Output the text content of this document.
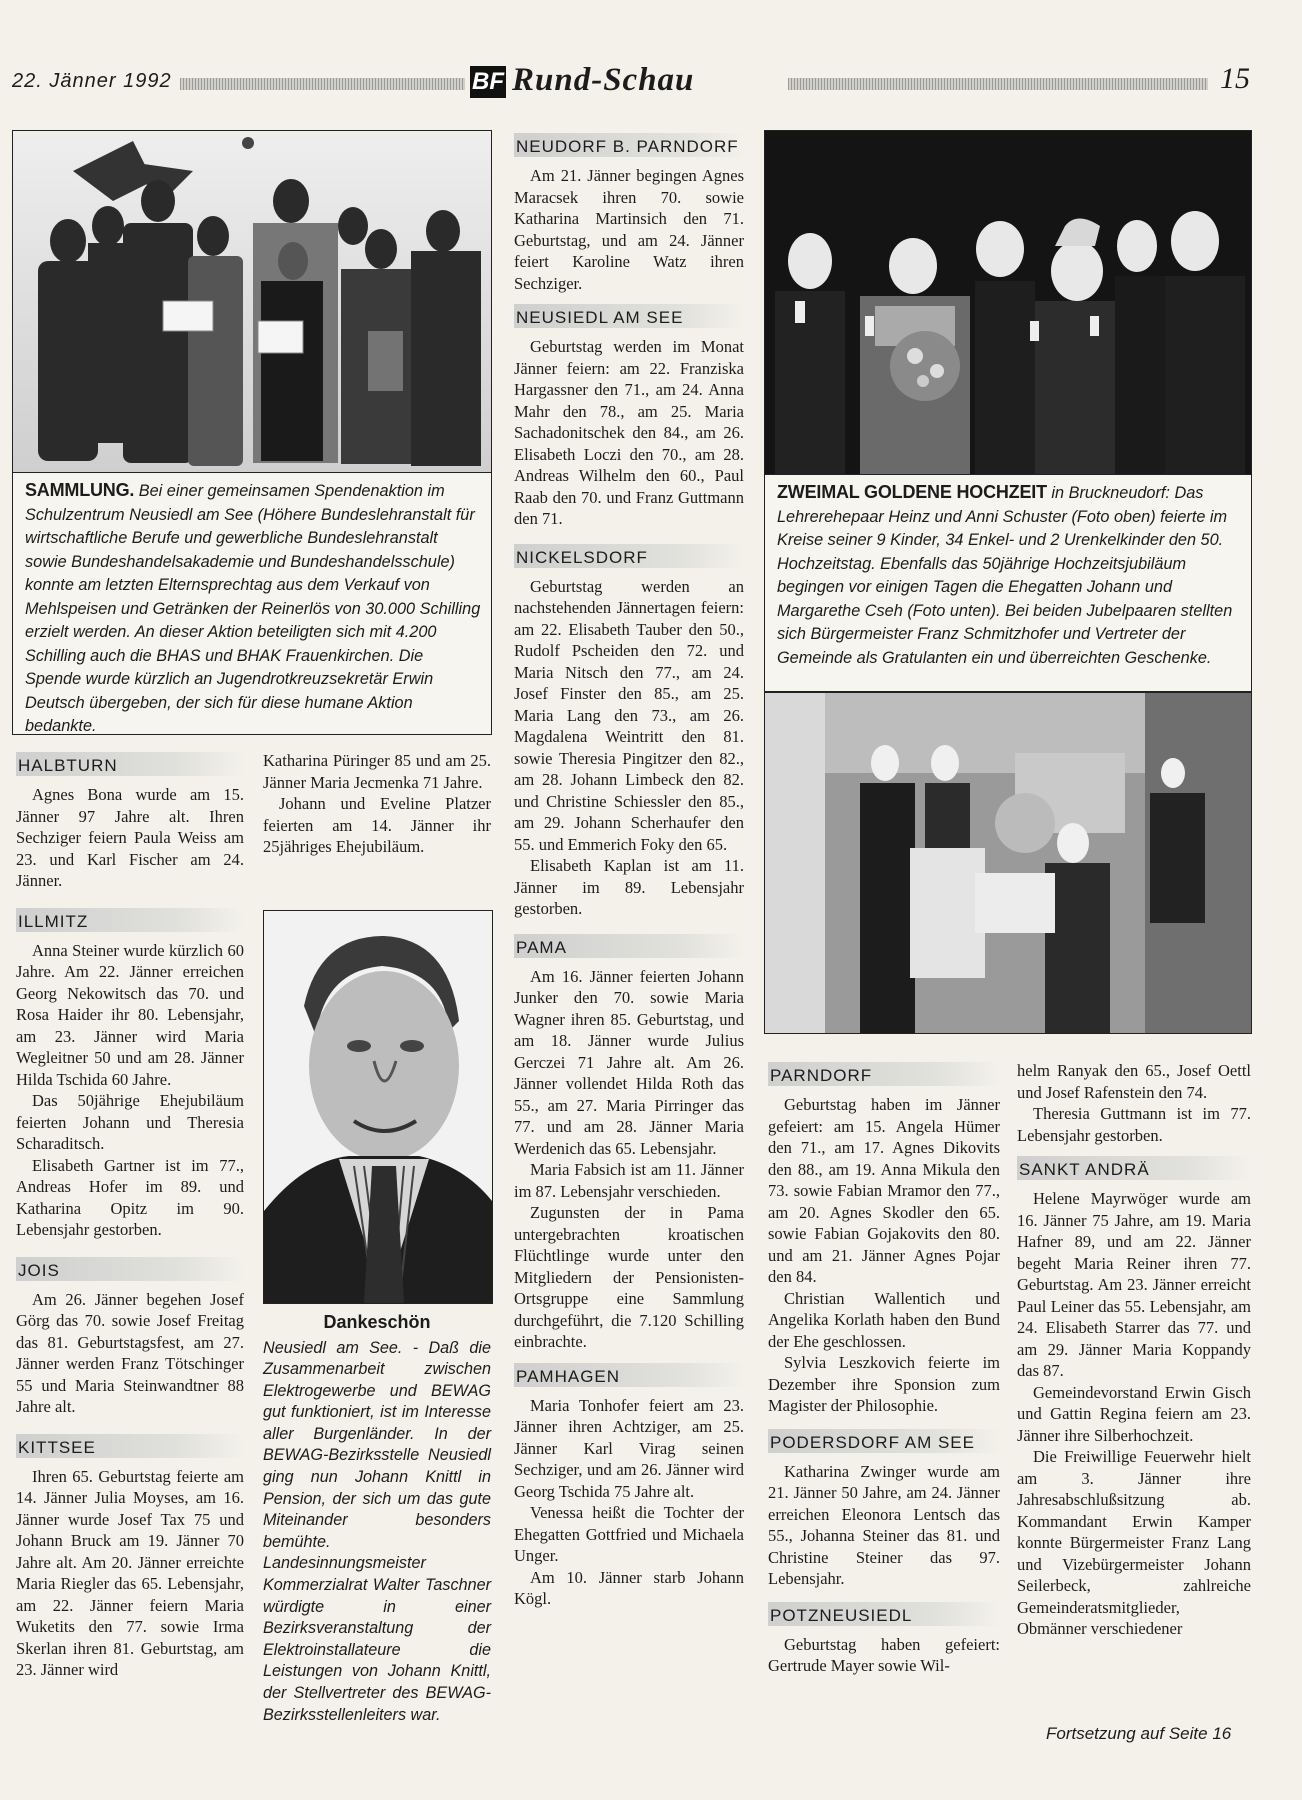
22. Jänner 1992	BF Rund-Schau	15
SAMMLUNG. Bei einer gemeinsamen Spendenaktion im Schulzentrum Neusiedl am See (Höhere Bundeslehranstalt für wirtschaftliche Berufe und gewerbliche Bundeslehranstalt sowie Bundeshandelsakademie und Bundeshandelsschule) konnte am letzten Elternsprechtag aus dem Verkauf von Mehlspeisen und Getränken der Reinerlös von 30.000 Schilling erzielt werden. An dieser Aktion beteiligten sich mit 4.200 Schilling auch die BHAS und BHAK Frauenkirchen. Die Spende wurde kürzlich an Jugendrotkreuzsekretär Erwin Deutsch übergeben, der sich für diese humane Aktion bedankte.
ZWEIMAL GOLDENE HOCHZEIT in Bruckneudorf: Das Lehrerehepaar Heinz und Anni Schuster (Foto oben) feierte im Kreise seiner 9 Kinder, 34 Enkel- und 2 Urenkelkinder den 50. Hochzeitstag. Ebenfalls das 50jährige Hochzeitsjubiläum begingen vor einigen Tagen die Ehegatten Johann und Margarethe Cseh (Foto unten). Bei beiden Jubelpaaren stellten sich Bürgermeister Franz Schmitzhofer und Vertreter der Gemeinde als Gratulanten ein und überreichten Geschenke.
HALBTURN

Agnes Bona wurde am 15. Jänner 97 Jahre alt. Ihren Sechziger feiern Paula Weiss am 23. und Karl Fischer am 24. Jänner.

ILLMITZ

Anna Steiner wurde kürzlich 60 Jahre. Am 22. Jänner erreichen Georg Nekowitsch das 70. und Rosa Haider ihr 80. Lebensjahr, am 23. Jänner wird Maria Wegleitner 50 und am 28. Jänner Hilda Tschida 60 Jahre.

Das 50jährige Ehejubiläum feierten Johann und Theresia Scharaditsch.

Elisabeth Gartner ist im 77., Andreas Hofer im 89. und Katharina Opitz im 90. Lebensjahr gestorben.

JOIS

Am 26. Jänner begehen Josef Görg das 70. sowie Josef Freitag das 81. Geburtstagsfest, am 27. Jänner werden Franz Tötschinger 55 und Maria Steinwandtner 88 Jahre alt.

KITTSEE

Ihren 65. Geburtstag feierte am 14. Jänner Julia Moyses, am 16. Jänner wurde Josef Tax 75 und Johann Bruck am 19. Jänner 70 Jahre alt. Am 20. Jänner erreichte Maria Riegler das 65. Lebensjahr, am 22. Jänner feiern Maria Wuketits den 77. sowie Irma Skerlan ihren 81. Geburtstag, am 23. Jänner wird

Katharina Püringer 85 und am 25. Jänner Maria Jecmenka 71 Jahre.

Johann und Eveline Platzer feierten am 14. Jänner ihr 25jähriges Ehejubiläum.

Dankeschön
Neusiedl am See. - Daß die Zusammenarbeit zwischen Elektrogewerbe und BEWAG gut funktioniert, ist im Interesse aller Burgenländer. In der BEWAG-Bezirksstelle Neusiedl ging nun Johann Knittl in Pension, der sich um das gute Miteinander besonders bemühte. Landesinnungsmeister Kommerzialrat Walter Taschner würdigte in einer Bezirksveranstaltung der Elektroinstallateure die Leistungen von Johann Knittl, der Stellvertreter des BEWAG-Bezirksstellenleiters war.
NEUDORF B. PARNDORF

Am 21. Jänner begingen Agnes Maracsek ihren 70. sowie Katharina Martinsich den 71. Geburtstag, und am 24. Jänner feiert Karoline Watz ihren Sechziger.

NEUSIEDL AM SEE

Geburtstag werden im Monat Jänner feiern: am 22. Franziska Hargassner den 71., am 24. Anna Mahr den 78., am 25. Maria Sachadonitschek den 84., am 26. Elisabeth Loczi den 70., am 28. Andreas Wilhelm den 60., Paul Raab den 70. und Franz Guttmann den 71.

NICKELSDORF

Geburtstag werden an nachstehenden Jännertagen feiern: am 22. Elisabeth Tauber den 50., Rudolf Pscheiden den 72. und Maria Nitsch den 77., am 24. Josef Finster den 85., am 25. Maria Lang den 73., am 26. Magdalena Weintritt den 81. sowie Theresia Pingitzer den 82., am 28. Johann Limbeck den 82. und Christine Schiessler den 85., am 29. Johann Scherhaufer den 55. und Emmerich Foky den 65.

Elisabeth Kaplan ist am 11. Jänner im 89. Lebensjahr gestorben.

PAMA

Am 16. Jänner feierten Johann Junker den 70. sowie Maria Wagner ihren 85. Geburtstag, und am 18. Jänner wurde Julius Gerczei 71 Jahre alt. Am 26. Jänner vollendet Hilda Roth das 55., am 27. Maria Pirringer das 77. und am 28. Jänner Maria Werdenich das 65. Lebensjahr.

Maria Fabsich ist am 11. Jänner im 87. Lebensjahr verschieden.

Zugunsten der in Pama untergebrachten kroatischen Flüchtlinge wurde unter den Mitgliedern der Pensionisten-Ortsgruppe eine Sammlung durchgeführt, die 7.120 Schilling einbrachte.

PAMHAGEN

Maria Tonhofer feiert am 23. Jänner ihren Achtziger, am 25. Jänner Karl Virag seinen Sechziger, und am 26. Jänner wird Georg Tschida 75 Jahre alt.

Venessa heißt die Tochter der Ehegatten Gottfried und Michaela Unger.

Am 10. Jänner starb Johann Kögl.

PARNDORF

Geburtstag haben im Jänner gefeiert: am 15. Angela Hümer den 71., am 17. Agnes Dikovits den 88., am 19. Anna Mikula den 73. sowie Fabian Mramor den 77., am 20. Agnes Skodler den 65. sowie Fabian Gojakovits den 80. und am 21. Jänner Agnes Pojar den 84.

Christian Wallentich und Angelika Korlath haben den Bund der Ehe geschlossen.

Sylvia Leszkovich feierte im Dezember ihre Sponsion zum Magister der Philosophie.

PODERSDORF AM SEE

Katharina Zwinger wurde am 21. Jänner 50 Jahre, am 24. Jänner erreichen Eleonora Lentsch das 55., Johanna Steiner das 81. und Christine Steiner das 97. Lebensjahr.

POTZNEUSIEDL

Geburtstag haben gefeiert: Gertrude Mayer sowie Wil-

helm Ranyak den 65., Josef Oettl und Josef Rafenstein den 74.

Theresia Guttmann ist im 77. Lebensjahr gestorben.

SANKT ANDRÄ

Helene Mayrwöger wurde am 16. Jänner 75 Jahre, am 19. Maria Hafner 89, und am 22. Jänner begeht Maria Reiner ihren 77. Geburtstag. Am 23. Jänner erreicht Paul Leiner das 55. Lebensjahr, am 24. Elisabeth Starrer das 77. und am 29. Jänner Maria Koppandy das 87.

Gemeindevorstand Erwin Gisch und Gattin Regina feiern am 23. Jänner ihre Silberhochzeit.

Die Freiwillige Feuerwehr hielt am 3. Jänner ihre Jahresabschlußsitzung ab. Kommandant Erwin Kamper konnte Bürgermeister Franz Lang und Vizebürgermeister Johann Seilerbeck, zahlreiche Gemeinderatsmitglieder, Obmänner verschiedener

Fortsetzung auf Seite 16
